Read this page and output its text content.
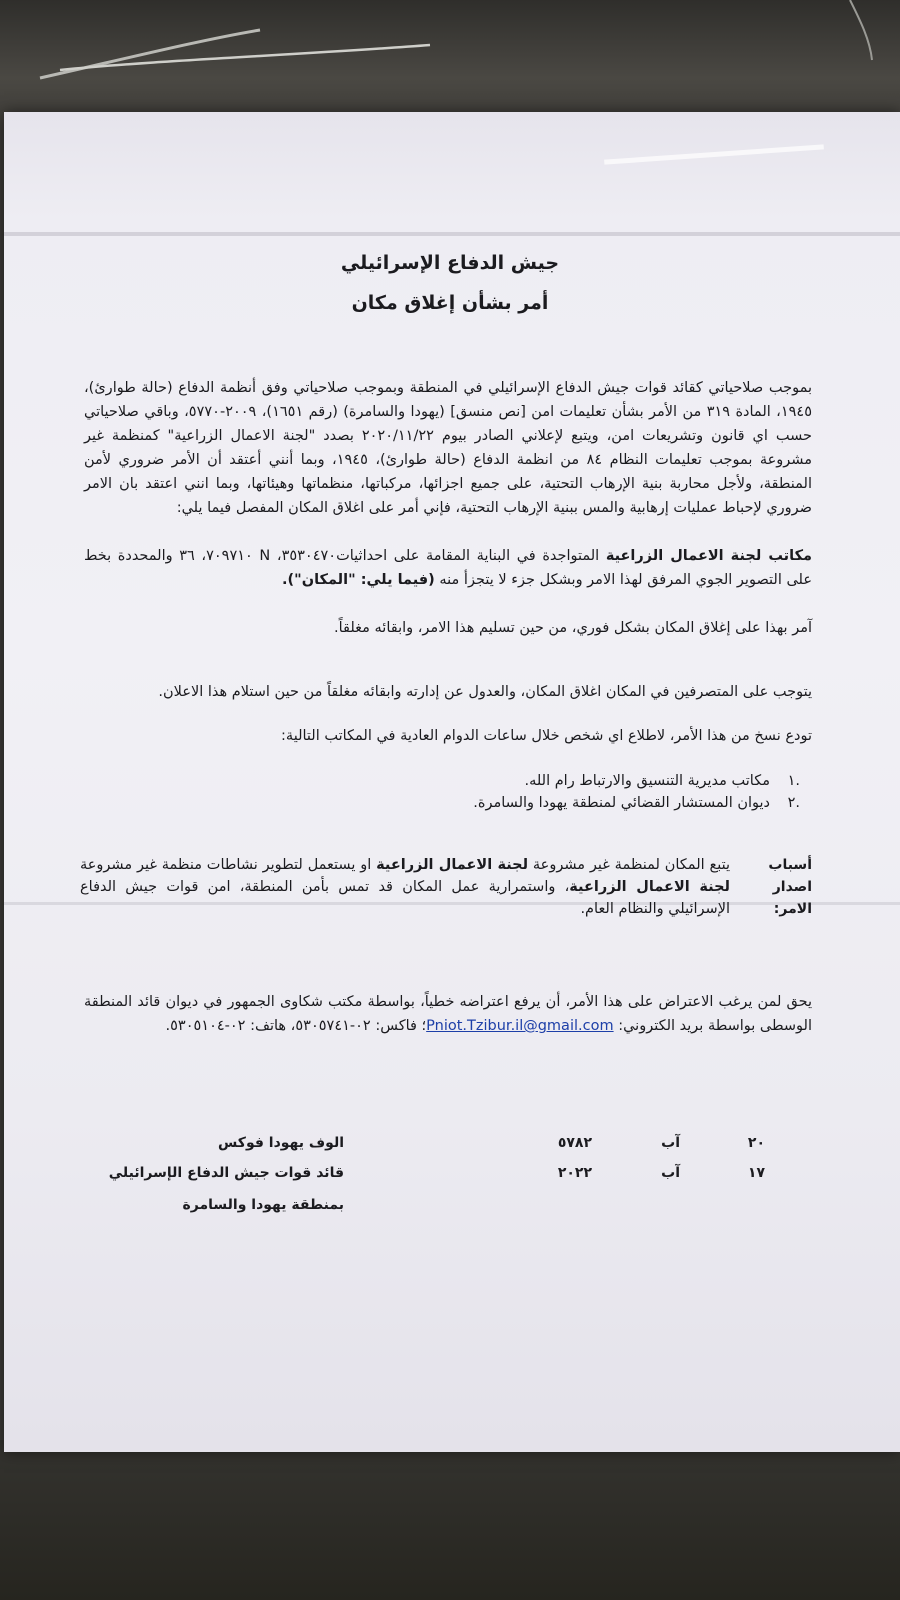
جيش الدفاع الإسرائيلي
أمر بشأن إغلاق مكان
بموجب صلاحياتي كقائد قوات جيش الدفاع الإسرائيلي في المنطقة وبموجب صلاحياتي وفق أنظمة الدفاع (حالة طوارئ)، ١٩٤٥، المادة ٣١٩ من الأمر بشأن تعليمات امن [نص منسق] (يهودا والسامرة) (رقم ١٦٥١)، ٢٠٠٩-٥٧٧٠، وباقي صلاحياتي حسب اي قانون وتشريعات امن، ويتبع لإعلاني الصادر بيوم ٢٠٢٠/١١/٢٢ بصدد "لجنة الاعمال الزراعية" كمنظمة غير مشروعة بموجب تعليمات النظام ٨٤ من انظمة الدفاع (حالة طوارئ)، ١٩٤٥، وبما أنني أعتقد أن الأمر ضروري لأمن المنطقة، ولأجل محاربة بنية الإرهاب التحتية، على جميع اجزائها، مركباتها، منظماتها وهيئاتها، وبما انني اعتقد بان الامر ضروري لإحباط عمليات إرهابية والمس ببنية الإرهاب التحتية، فإني أمر على اغلاق المكان المفصل فيما يلي:
مكاتب لجنة الاعمال الزراعية المتواجدة في البناية المقامة على احداثيات٣٥٣٠٤٧٠، N ٧٠٩٧١٠، ٣٦ والمحددة بخط على التصوير الجوي المرفق لهذا الامر وبشكل جزء لا يتجزأ منه (فيما يلي: "المكان").
آمر بهذا على إغلاق المكان بشكل فوري، من حين تسليم هذا الامر، وابقائه مغلقاً.
يتوجب على المتصرفين في المكان اغلاق المكان، والعدول عن إدارته وابقائه مغلقاً من حين استلام هذا الاعلان.
تودع نسخ من هذا الأمر، لاطلاع اي شخص خلال ساعات الدوام العادية في المكاتب التالية:
.١مكاتب مديرية التنسيق والارتباط رام الله.
.٢ديوان المستشار القضائي لمنطقة يهودا والسامرة.
أسباب اصدار الامر:
يتبع المكان لمنظمة غير مشروعة لجنة الاعمال الزراعية او يستعمل لتطوير نشاطات منظمة غير مشروعة لجنة الاعمال الزراعية، واستمرارية عمل المكان قد تمس بأمن المنطقة، امن قوات جيش الدفاع الإسرائيلي والنظام العام.
يحق لمن يرغب الاعتراض على هذا الأمر، أن يرفع اعتراضه خطياً، بواسطة مكتب شكاوى الجمهور في ديوان قائد المنطقة الوسطى بواسطة بريد الكتروني: Pniot.Tzibur.il@gmail.com؛ فاكس: ٠٢-٥٣٠٥٧٤١، هاتف: ٠٢-٥٣٠٥١٠٤.
الوف يهودا فوكس
قائد قوات جيش الدفاع الإسرائيلي
بمنطقة يهودا والسامرة
٢٠
آب
٥٧٨٢
١٧
آب
٢٠٢٢
